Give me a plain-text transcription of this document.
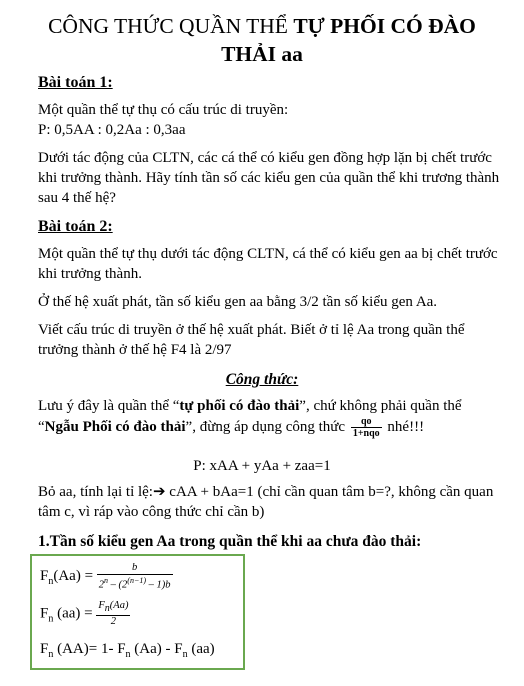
CÔNG THỨC QUẦN THỂ TỰ PHỐI CÓ ĐÀO
THẢI aa
Bài toán 1:
Một quần thể tự thụ có cấu trúc di truyền:
P: 0,5AA : 0,2Aa : 0,3aa
Dưới tác động của CLTN, các cá thể có kiểu gen đồng hợp lặn bị chết trước khi trưởng thành. Hãy tính tần số các kiểu gen của quần thể khi trương thành sau 4 thế hệ?
Bài toán 2:
Một quần thể tự thụ dưới tác động CLTN, cá thể có kiểu gen aa bị chết trước khi trưởng thành.
Ở thế hệ xuất phát, tần số kiểu gen aa bằng 3/2 tần số kiểu gen Aa.
Viết cấu trúc di truyền ở thế hệ xuất phát. Biết ở tỉ lệ Aa trong quần thể trưởng thành ở thế hệ F4 là 2/97
Công thức:
Lưu ý đây là quần thể “tự phối có đào thải”, chứ không phải quần thể
“Ngẫu Phối có đào thải”, đừng áp dụng công thức $\frac{qo}{\text{1+nqo}}$ nhé!!!
P: xAA + yAa + zaa=1
Bỏ aa, tính lại tỉ lệ:➔ cAA + bAa=1 (chỉ cần quan tâm b=?, không cần quan tâm c, vì ráp vào công thức chỉ cần b)
1.Tần số kiểu gen Aa trong quần thể khi aa chưa đào thải:
$F_n(Aa) = \frac{b}{2^n - (2^{(n-1)} - 1)b}$
$F_n$ $(aa) = \frac{F_n(Aa)}{2}$
$F_n$ (AA)= 1- $F_n$ $(Aa) - F_n$ (aa)
